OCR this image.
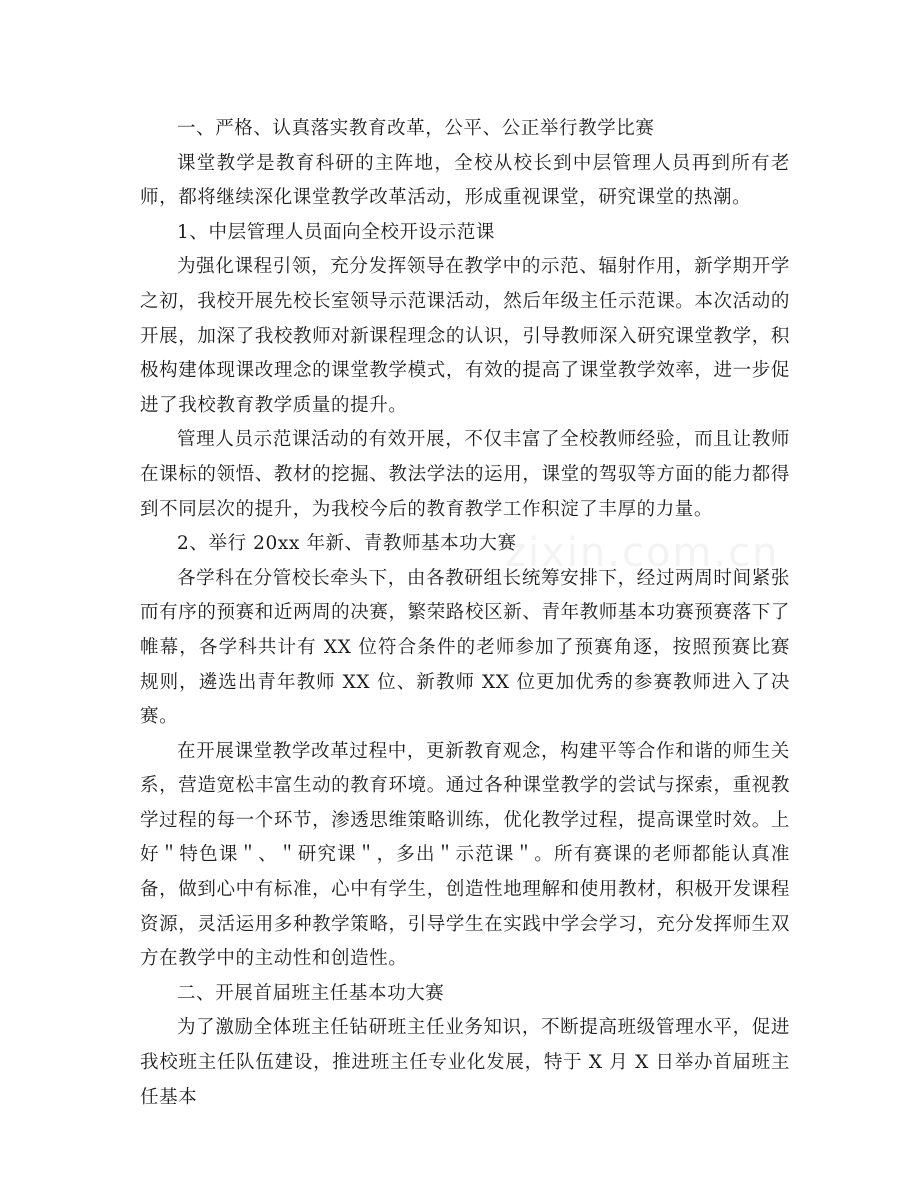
zixin.com.cn

一、严格、认真落实教育改革，公平、公正举行教学比赛

课堂教学是教育科研的主阵地，全校从校长到中层管理人员再到所有老师，都将继续深化课堂教学改革活动，形成重视课堂，研究课堂的热潮。

1、中层管理人员面向全校开设示范课

为强化课程引领，充分发挥领导在教学中的示范、辐射作用，新学期开学之初，我校开展先校长室领导示范课活动，然后年级主任示范课。本次活动的开展，加深了我校教师对新课程理念的认识，引导教师深入研究课堂教学，积极构建体现课改理念的课堂教学模式，有效的提高了课堂教学效率，进一步促进了我校教育教学质量的提升。

管理人员示范课活动的有效开展，不仅丰富了全校教师经验，而且让教师在课标的领悟、教材的挖掘、教法学法的运用，课堂的驾驭等方面的能力都得到不同层次的提升，为我校今后的教育教学工作积淀了丰厚的力量。

2、举行 20xx 年新、青教师基本功大赛

各学科在分管校长牵头下，由各教研组长统筹安排下，经过两周时间紧张而有序的预赛和近两周的决赛，繁荣路校区新、青年教师基本功赛预赛落下了帷幕，各学科共计有 XX 位符合条件的老师参加了预赛角逐，按照预赛比赛规则，遴选出青年教师 XX 位、新教师 XX 位更加优秀的参赛教师进入了决赛。

在开展课堂教学改革过程中，更新教育观念，构建平等合作和谐的师生关系，营造宽松丰富生动的教育环境。通过各种课堂教学的尝试与探索，重视教学过程的每一个环节，渗透思维策略训练，优化教学过程，提高课堂时效。上好＂特色课＂、＂研究课＂，多出＂示范课＂。所有赛课的老师都能认真准备，做到心中有标准，心中有学生，创造性地理解和使用教材，积极开发课程资源，灵活运用多种教学策略，引导学生在实践中学会学习，充分发挥师生双方在教学中的主动性和创造性。

二、开展首届班主任基本功大赛

为了激励全体班主任钻研班主任业务知识，不断提高班级管理水平，促进我校班主任队伍建设，推进班主任专业化发展，特于 X 月 X 日举办首届班主任基本
